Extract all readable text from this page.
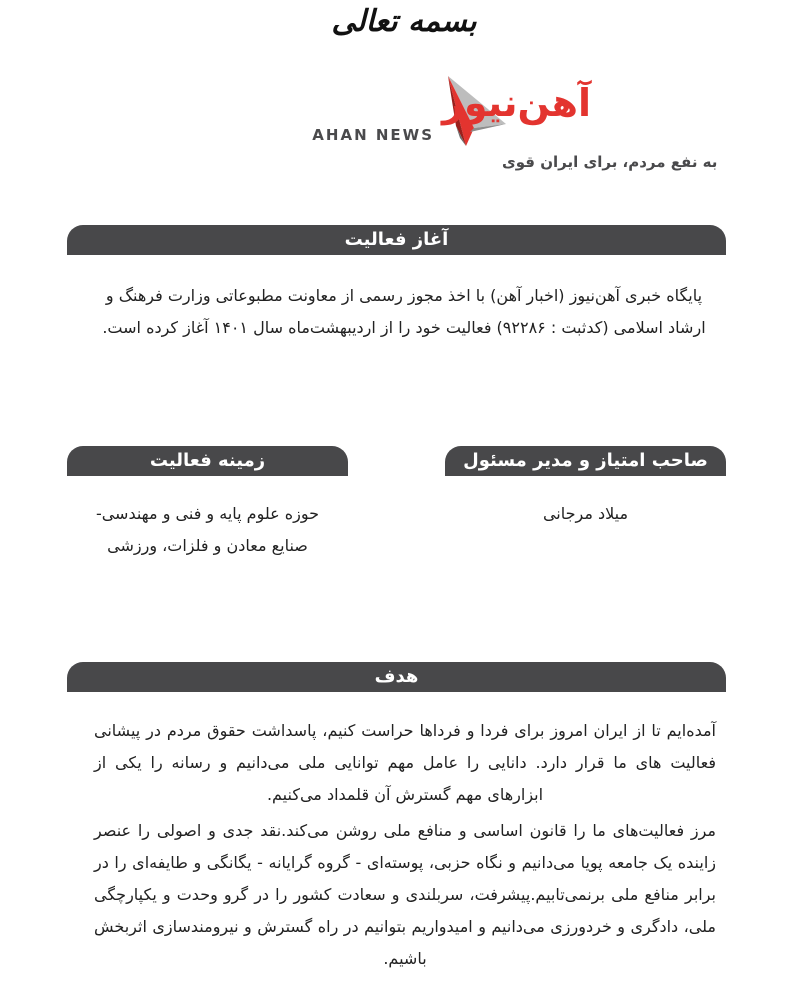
بسمه تعالی
آهن‌نیوز
AHAN NEWS
به نفع مردم، برای ایران قوی
آغاز فعالیت
پایگاه خبری آهن‌نیوز (اخبار آهن) با اخذ مجوز رسمی از معاونت مطبوعاتی وزارت فرهنگ و ارشاد اسلامی (کدثبت : ۹۲۲۸۶) فعالیت خود را از اردیبهشت‌ماه سال ۱۴۰۱ آغاز کرده است.
صاحب امتیاز و مدیر مسئول
میلاد مرجانی
زمینه فعالیت
حوزه علوم پایه و فنی و مهندسی-
صنایع معادن و فلزات، ورزشی
هدف
آمده‌ایم تا از ایران امروز برای فردا و فرداها حراست کنیم، پاسداشت حقوق مردم در پیشانی فعالیت های ما قرار دارد. دانایی را عامل مهم توانایی ملی می‌دانیم و رسانه را یکی از ابزارهای مهم گسترش آن قلمداد می‌کنیم.
مرز فعالیت‌های ما را قانون اساسی و منافع ملی روشن می‌کند.نقد جدی و اصولی را عنصر زاینده یک جامعه پویا می‌دانیم و نگاه حزبی، پوسته‌ای - گروه گرایانه - یگانگی و طایفه‌ای را در برابر منافع ملی برنمی‌تابیم.پیشرفت، سربلندی و سعادت کشور را در گرو وحدت و یکپارچگی ملی، دادگری و خردورزی می‌دانیم و امیدواریم بتوانیم در راه گسترش و نیرومندسازی اثربخش باشیم.
